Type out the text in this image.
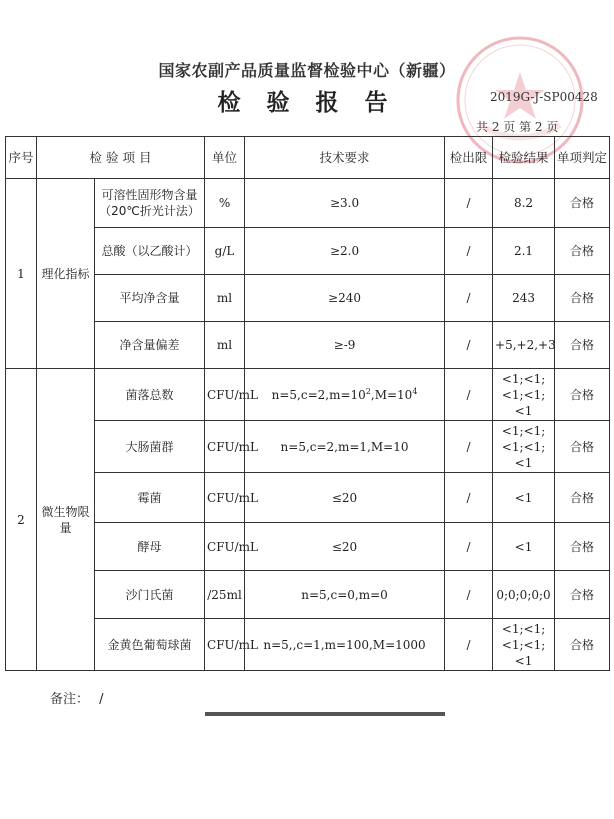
国家农副产品质量监督检验中心（新疆）
检 验 报 告	2019G-J-SP00428
共 2 页 第 2 页
序号	检 验 项 目		单位	技术要求	检出限	检验结果	单项判定
1	理化指标	可溶性固形物含量（20℃折光计法）	%	≥3.0	/	8.2	合格
		总酸（以乙酸计）	g/L	≥2.0	/	2.1	合格
		平均净含量	ml	≥240	/	243	合格
		净含量偏差	ml	≥-9	/	+5,+2,+3	合格
2	微生物限量	菌落总数	CFU/mL	$n=5,c=2,m=10^2,M=10^4$	/	<1;<1;<1;<1;<1	合格
		大肠菌群	CFU/mL	n=5,c=2,m=1,M=10	/	<1;<1;<1;<1;<1	合格
		霉菌	CFU/mL	≤20	/	<1	合格
		酵母	CFU/mL	≤20	/	<1	合格
		沙门氏菌	/25ml	n=5,c=0,m=0	/	0;0;0;0;0	合格
		金黄色葡萄球菌	CFU/mL	n=5,,c=1,m=100,M=1000	/	<1;<1;<1;<1;<1	合格
备注： /
